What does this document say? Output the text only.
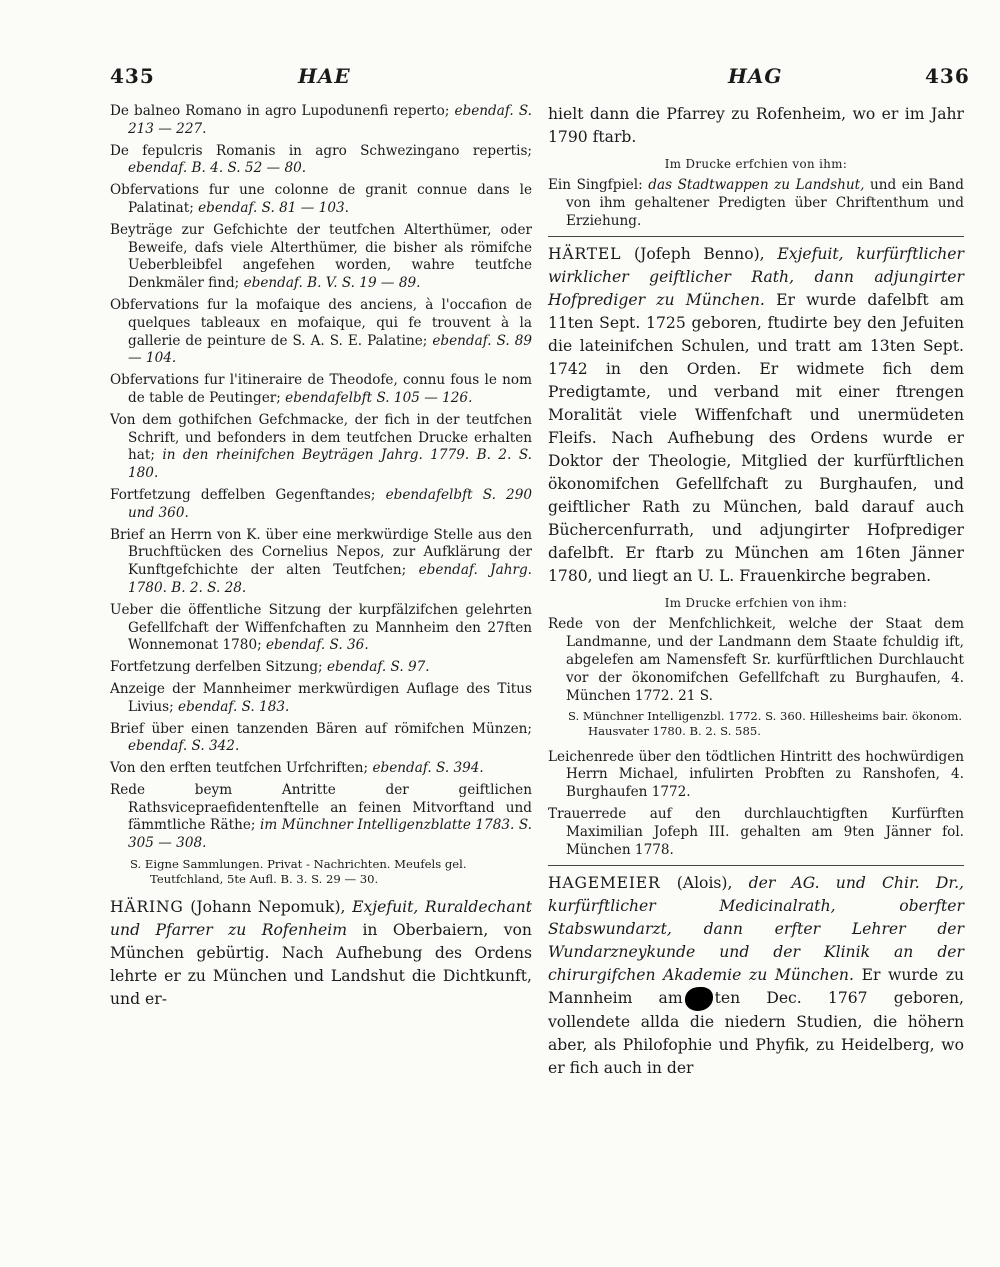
435	HAE	HAG	436

De balneo Romano in agro Lupodunenfi reperto; ebendaf. S. 213 — 227.

De fepulcris Romanis in agro Schwezingano repertis; ebendaf. B. 4. S. 52 — 80.

Obfervations fur une colonne de granit connue dans le Palatinat; ebendaf. S. 81 — 103.

Beyträge zur Gefchichte der teutfchen Alterthümer, oder Beweife, dafs viele Alterthümer, die bisher als römifche Ueberbleibfel angefehen worden, wahre teutfche Denkmäler find; ebendaf. B. V. S. 19 — 89.

Obfervations fur la mofaique des anciens, à l'occafion de quelques tableaux en mofaique, qui fe trouvent à la gallerie de peinture de S. A. S. E. Palatine; ebendaf. S. 89 — 104.

Obfervations fur l'itineraire de Theodofe, connu fous le nom de table de Peutinger; ebendafelbft S. 105 — 126.

Von dem gothifchen Gefchmacke, der fich in der teutfchen Schrift, und befonders in dem teutfchen Drucke erhalten hat; in den rheinifchen Beyträgen Jahrg. 1779. B. 2. S. 180.

Fortfetzung deffelben Gegenftandes; ebendafelbft S. 290 und 360.

Brief an Herrn von K. über eine merkwürdige Stelle aus den Bruchftücken des Cornelius Nepos, zur Aufklärung der Kunftgefchichte der alten Teutfchen; ebendaf. Jahrg. 1780. B. 2. S. 28.

Ueber die öffentliche Sitzung der kurpfälzifchen gelehrten Gefellfchaft der Wiffenfchaften zu Mannheim den 27ften Wonnemonat 1780; ebendaf. S. 36.

Fortfetzung derfelben Sitzung; ebendaf. S. 97.

Anzeige der Mannheimer merkwürdigen Auflage des Titus Livius; ebendaf. S. 183.

Brief über einen tanzenden Bären auf römifchen Münzen; ebendaf. S. 342.

Von den erften teutfchen Urfchriften; ebendaf. S. 394.

Rede beym Antritte der geiftlichen Rathsvicepraefidentenftelle an feinen Mitvorftand und fämmtliche Räthe; im Münchner Intelligenzblatte 1783. S. 305 — 308.

S. Eigne Sammlungen. Privat - Nachrichten. Meufels gel. Teutfchland, 5te Aufl. B. 3. S. 29 — 30.

HÄRING (Johann Nepomuk), Exjefuit, Ruraldechant und Pfarrer zu Rofenheim in Oberbaiern, von München gebürtig. Nach Aufhebung des Ordens lehrte er zu München und Landshut die Dichtkunft, und er-

hielt dann die Pfarrey zu Rofenheim, wo er im Jahr 1790 ftarb.

Im Drucke erfchien von ihm:

Ein Singfpiel: das Stadtwappen zu Landshut, und ein Band von ihm gehaltener Predigten über Chriftenthum und Erziehung.

HÄRTEL (Jofeph Benno), Exjefuit, kurfürftlicher wirklicher geiftlicher Rath, dann adjungirter Hofprediger zu München. Er wurde dafelbft am 11ten Sept. 1725 geboren, ftudirte bey den Jefuiten die lateinifchen Schulen, und tratt am 13ten Sept. 1742 in den Orden. Er widmete fich dem Predigtamte, und verband mit einer ftrengen Moralität viele Wiffenfchaft und unermüdeten Fleifs. Nach Aufhebung des Ordens wurde er Doktor der Theologie, Mitglied der kurfürftlichen ökonomifchen Gefellfchaft zu Burghaufen, und geiftlicher Rath zu München, bald darauf auch Büchercenfurrath, und adjungirter Hofprediger dafelbft. Er ftarb zu München am 16ten Jänner 1780, und liegt an U. L. Frauenkirche begraben.

Im Drucke erfchien von ihm:

Rede von der Menfchlichkeit, welche der Staat dem Landmanne, und der Landmann dem Staate fchuldig ift, abgelefen am Namensfeft Sr. kurfürftlichen Durchlaucht vor der ökonomifchen Gefellfchaft zu Burghaufen, 4. München 1772. 21 S.

S. Münchner Intelligenzbl. 1772. S. 360. Hillesheims bair. ökonom. Hausvater 1780. B. 2. S. 585.

Leichenrede über den tödtlichen Hintritt des hochwürdigen Herrn Michael, infulirten Probften zu Ranshofen, 4. Burghaufen 1772.

Trauerrede auf den durchlauchtigften Kurfürften Maximilian Jofeph III. gehalten am 9ten Jänner fol. München 1778.

HAGEMEIER (Alois), der AG. und Chir. Dr., kurfürftlicher Medicinalrath, oberfter Stabswundarzt, dann erfter Lehrer der Wundarzneykunde und der Klinik an der chirurgifchen Akademie zu München. Er wurde zu Mannheim am ten Dec. 1767 geboren, vollendete allda die niedern Studien, die höhern aber, als Philofophie und Phyfik, zu Heidelberg, wo er fich auch in der
